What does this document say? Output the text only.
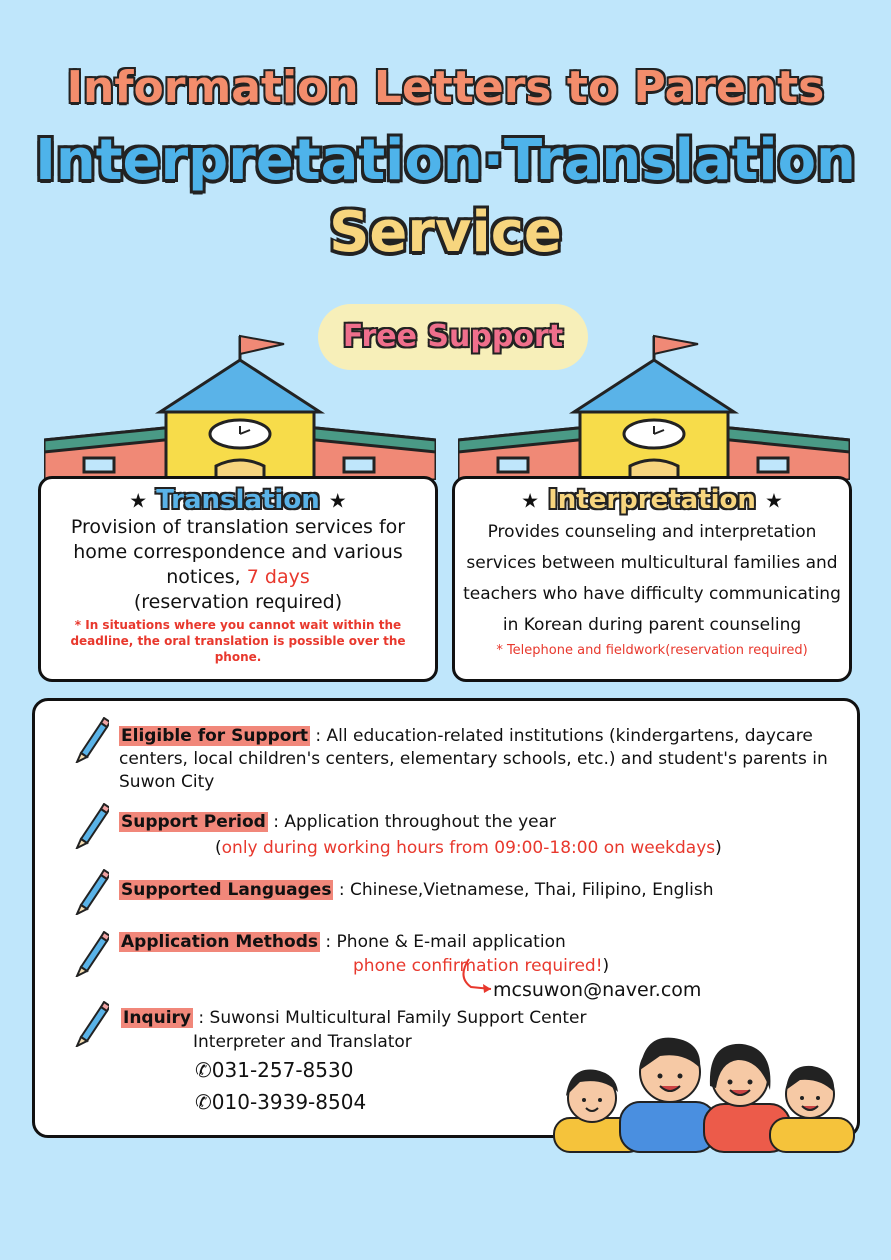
Information Letters to Parents
Interpretation·Translation
Service
Free Support
★ Translation ★
Provision of translation services for home correspondence and various notices, 7 days
(reservation required)
* In situations where you cannot wait within the deadline, the oral translation is possible over the phone.
★ Interpretation ★
Provides counseling and interpretation services between multicultural families and teachers who have difficulty communicating in Korean during parent counseling
* Telephone and fieldwork(reservation required)
Eligible for Support : All education-related institutions (kindergartens, daycare centers, local children's centers, elementary schools, etc.) and student's parents in Suwon City
Support Period : Application throughout the year
(only during working hours from 09:00-18:00 on weekdays)
Supported Languages : Chinese,Vietnamese, Thai, Filipino, English
Application Methods : Phone & E-mail application
phone confirmation required!)
mcsuwon@naver.com
Inquiry : Suwonsi Multicultural Family Support Center
Interpreter and Translator
✆031-257-8530
✆010-3939-8504
